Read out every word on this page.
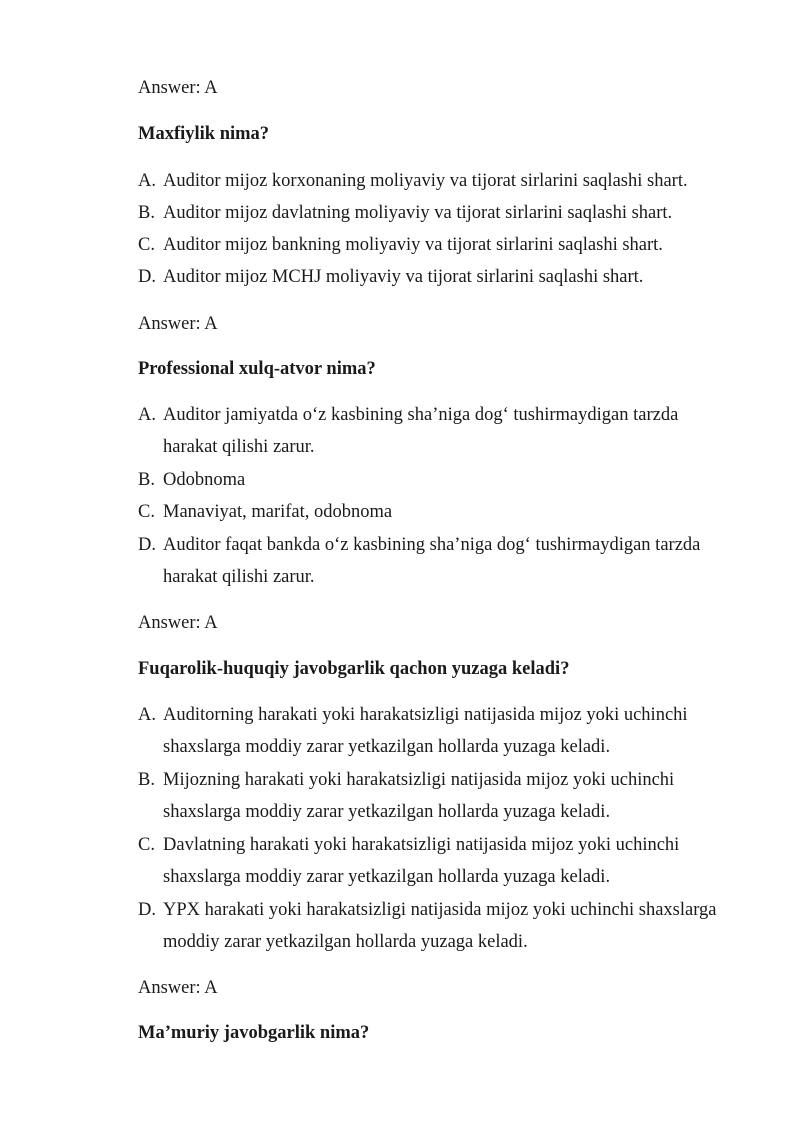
Answer: A
Maxfiylik nima?
A. Auditor mijoz korxonaning moliyaviy va tijorat sirlarini saqlashi shart.
B. Auditor mijoz davlatning moliyaviy va tijorat sirlarini saqlashi shart.
C. Auditor mijoz bankning moliyaviy va tijorat sirlarini saqlashi shart.
D. Auditor mijoz MCHJ moliyaviy va tijorat sirlarini saqlashi shart.
Answer: A
Professional xulq-atvor nima?
A. Auditor jamiyatda o‘z kasbining sha’niga dog‘ tushirmaydigan tarzda
harakat qilishi zarur.
B. Odobnoma
C. Manaviyat, marifat, odobnoma
D. Auditor faqat bankda o‘z kasbining sha’niga dog‘ tushirmaydigan tarzda
harakat qilishi zarur.
Answer: A
Fuqarolik-huquqiy javobgarlik qachon yuzaga keladi?
A. Auditorning harakati yoki harakatsizligi natijasida mijoz yoki uchinchi
shaxslarga moddiy zarar yetkazilgan hollarda yuzaga keladi.
B. Mijozning harakati yoki harakatsizligi natijasida mijoz yoki uchinchi
shaxslarga moddiy zarar yetkazilgan hollarda yuzaga keladi.
C. Davlatning harakati yoki harakatsizligi natijasida mijoz yoki uchinchi
shaxslarga moddiy zarar yetkazilgan hollarda yuzaga keladi.
D. YPX harakati yoki harakatsizligi natijasida mijoz yoki uchinchi shaxslarga
moddiy zarar yetkazilgan hollarda yuzaga keladi.
Answer: A
Ma’muriy javobgarlik nima?
